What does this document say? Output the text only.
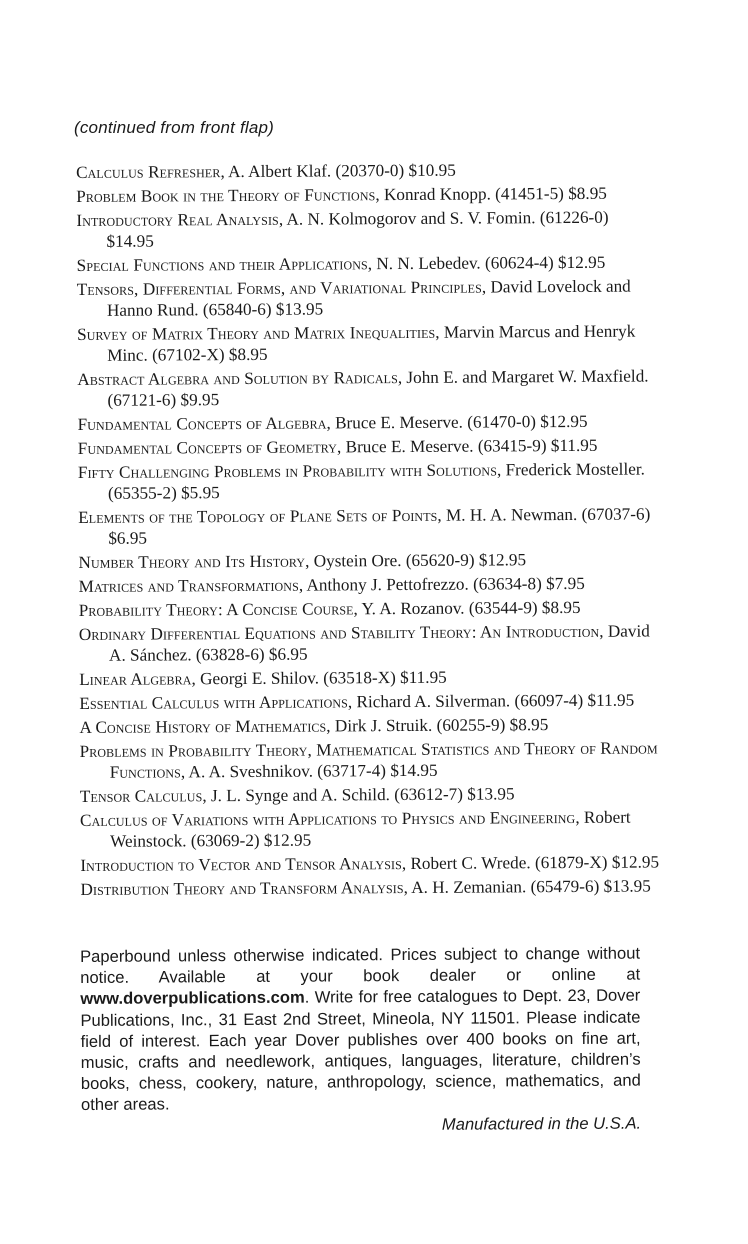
(continued from front flap)
Calculus Refresher, A. Albert Klaf. (20370-0) $10.95
Problem Book in the Theory of Functions, Konrad Knopp. (41451-5) $8.95
Introductory Real Analysis, A. N. Kolmogorov and S. V. Fomin. (61226-0) $14.95
Special Functions and their Applications, N. N. Lebedev. (60624-4) $12.95
Tensors, Differential Forms, and Variational Principles, David Lovelock and Hanno Rund. (65840-6) $13.95
Survey of Matrix Theory and Matrix Inequalities, Marvin Marcus and Henryk Minc. (67102-X) $8.95
Abstract Algebra and Solution by Radicals, John E. and Margaret W. Maxfield. (67121-6) $9.95
Fundamental Concepts of Algebra, Bruce E. Meserve. (61470-0) $12.95
Fundamental Concepts of Geometry, Bruce E. Meserve. (63415-9) $11.95
Fifty Challenging Problems in Probability with Solutions, Frederick Mosteller. (65355-2) $5.95
Elements of the Topology of Plane Sets of Points, M. H. A. Newman. (67037-6) $6.95
Number Theory and Its History, Oystein Ore. (65620-9) $12.95
Matrices and Transformations, Anthony J. Pettofrezzo. (63634-8) $7.95
Probability Theory: A Concise Course, Y. A. Rozanov. (63544-9) $8.95
Ordinary Differential Equations and Stability Theory: An Introduction, David A. Sánchez. (63828-6) $6.95
Linear Algebra, Georgi E. Shilov. (63518-X) $11.95
Essential Calculus with Applications, Richard A. Silverman. (66097-4) $11.95
A Concise History of Mathematics, Dirk J. Struik. (60255-9) $8.95
Problems in Probability Theory, Mathematical Statistics and Theory of Random Functions, A. A. Sveshnikov. (63717-4) $14.95
Tensor Calculus, J. L. Synge and A. Schild. (63612-7) $13.95
Calculus of Variations with Applications to Physics and Engineering, Robert Weinstock. (63069-2) $12.95
Introduction to Vector and Tensor Analysis, Robert C. Wrede. (61879-X) $12.95
Distribution Theory and Transform Analysis, A. H. Zemanian. (65479-6) $13.95
Paperbound unless otherwise indicated. Prices subject to change without notice. Available at your book dealer or online at www.doverpublications.com. Write for free catalogues to Dept. 23, Dover Publications, Inc., 31 East 2nd Street, Mineola, NY 11501. Please indicate field of interest. Each year Dover publishes over 400 books on fine art, music, crafts and needlework, antiques, languages, literature, children’s books, chess, cookery, nature, anthropology, science, mathematics, and other areas.
Manufactured in the U.S.A.
